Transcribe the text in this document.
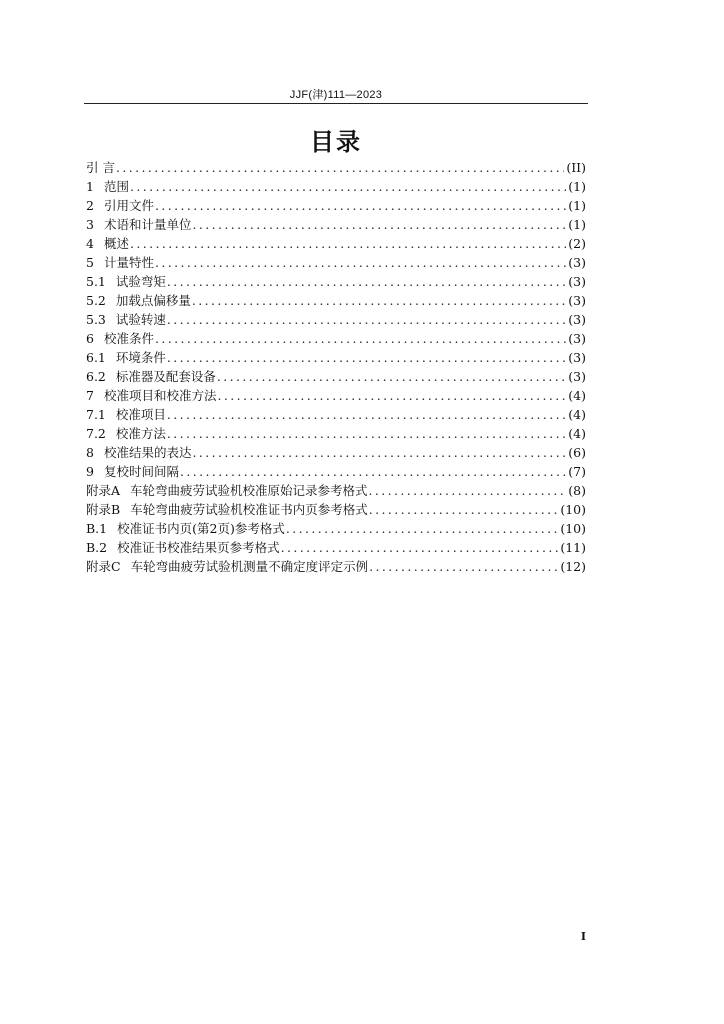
JJF(津)111—2023
目录
引 言 .....	(II)
1 范围 .....	(1)
2 引用文件 .....	(1)
3 术语和计量单位 .....	(1)
4 概述 .....	(2)
5 计量特性 .....	(3)
5.1 试验弯矩 .....	(3)
5.2 加载点偏移量 .....	(3)
5.3 试验转速 .....	(3)
6 校准条件 .....	(3)
6.1 环境条件 .....	(3)
6.2 标准器及配套设备 .....	(3)
7 校准项目和校准方法 .....	(4)
7.1 校准项目 .....	(4)
7.2 校准方法 .....	(4)
8 校准结果的表达 .....	(6)
9 复校时间间隔 .....	(7)
附录A 车轮弯曲疲劳试验机校准原始记录参考格式 .....	(8)
附录B 车轮弯曲疲劳试验机校准证书内页参考格式 .....	(10)
B.1 校准证书内页(第2页)参考格式 .....	(10)
B.2 校准证书校准结果页参考格式 .....	(11)
附录C 车轮弯曲疲劳试验机测量不确定度评定示例 .....	(12)
I
